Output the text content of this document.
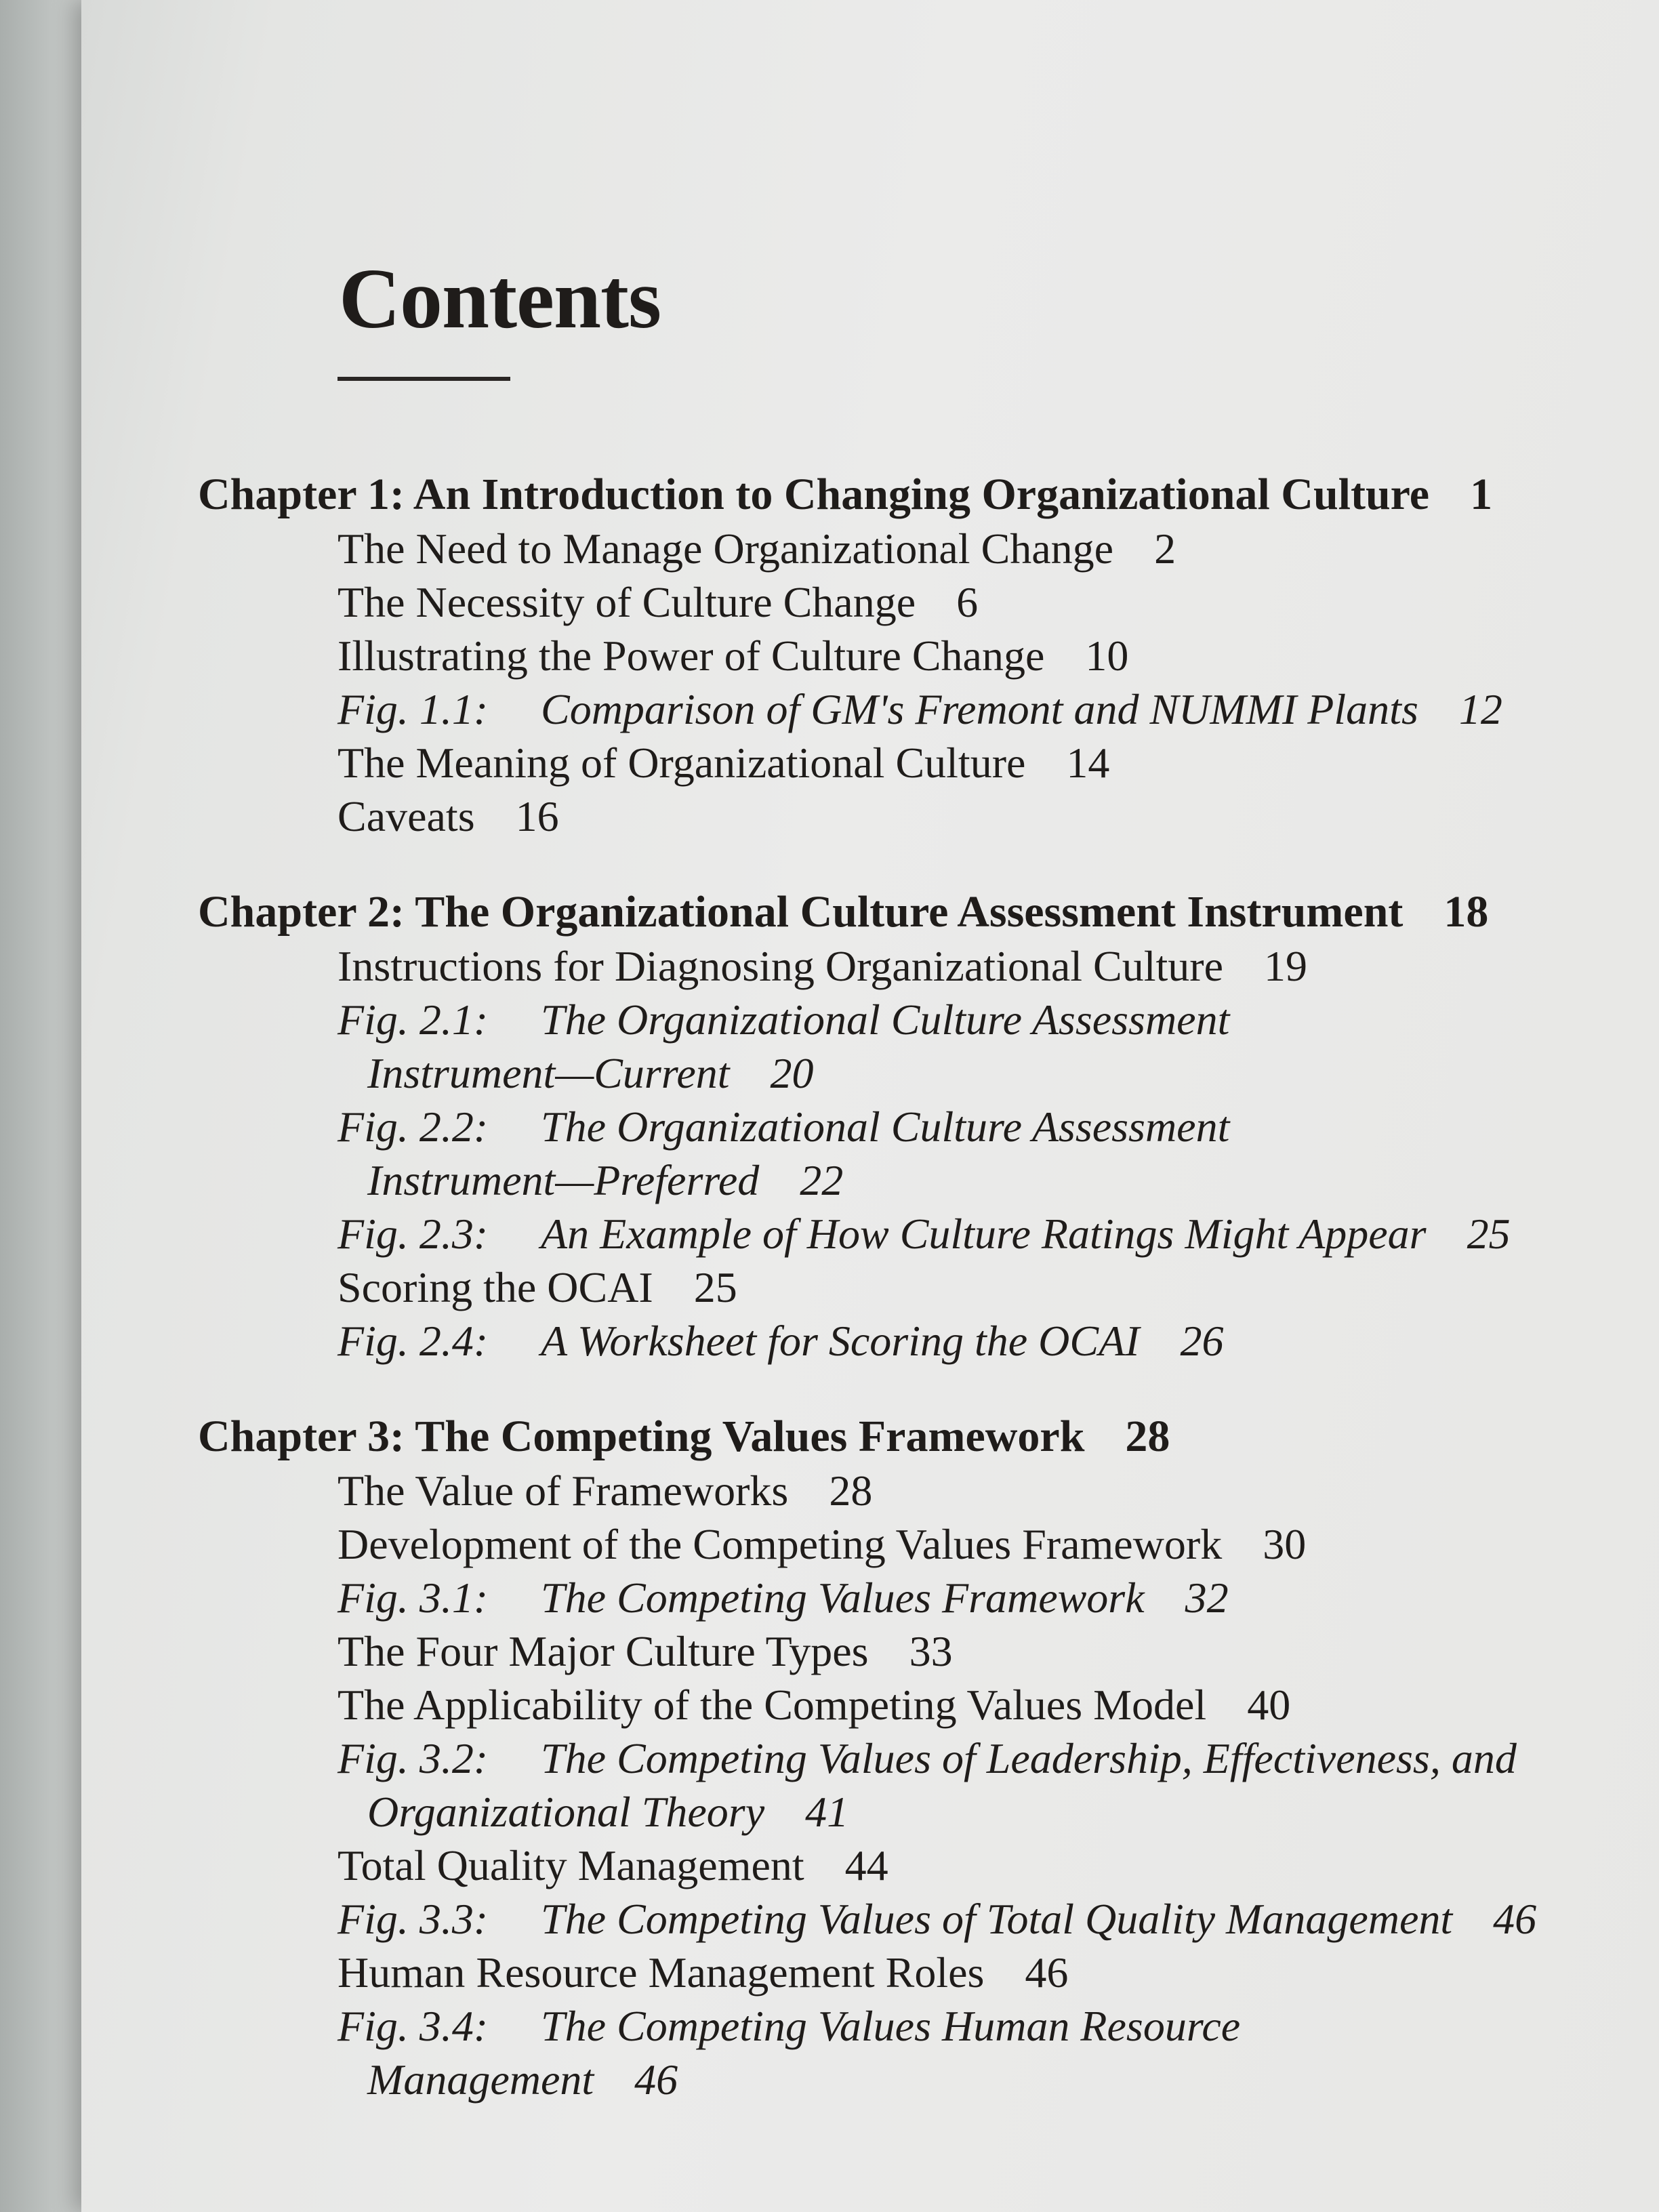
Contents
Chapter 1: An Introduction to Changing Organizational Culture 1
The Need to Manage Organizational Change 2
The Necessity of Culture Change 6
Illustrating the Power of Culture Change 10
Fig. 1.1: Comparison of GM's Fremont and NUMMI Plants 12
The Meaning of Organizational Culture 14
Caveats 16
Chapter 2: The Organizational Culture Assessment Instrument 18
Instructions for Diagnosing Organizational Culture 19
Fig. 2.1: The Organizational Culture Assessment
Instrument—Current 20
Fig. 2.2: The Organizational Culture Assessment
Instrument—Preferred 22
Fig. 2.3: An Example of How Culture Ratings Might Appear 25
Scoring the OCAI 25
Fig. 2.4: A Worksheet for Scoring the OCAI 26
Chapter 3: The Competing Values Framework 28
The Value of Frameworks 28
Development of the Competing Values Framework 30
Fig. 3.1: The Competing Values Framework 32
The Four Major Culture Types 33
The Applicability of the Competing Values Model 40
Fig. 3.2: The Competing Values of Leadership, Effectiveness, and
Organizational Theory 41
Total Quality Management 44
Fig. 3.3: The Competing Values of Total Quality Management 46
Human Resource Management Roles 46
Fig. 3.4: The Competing Values Human Resource
Management 46
